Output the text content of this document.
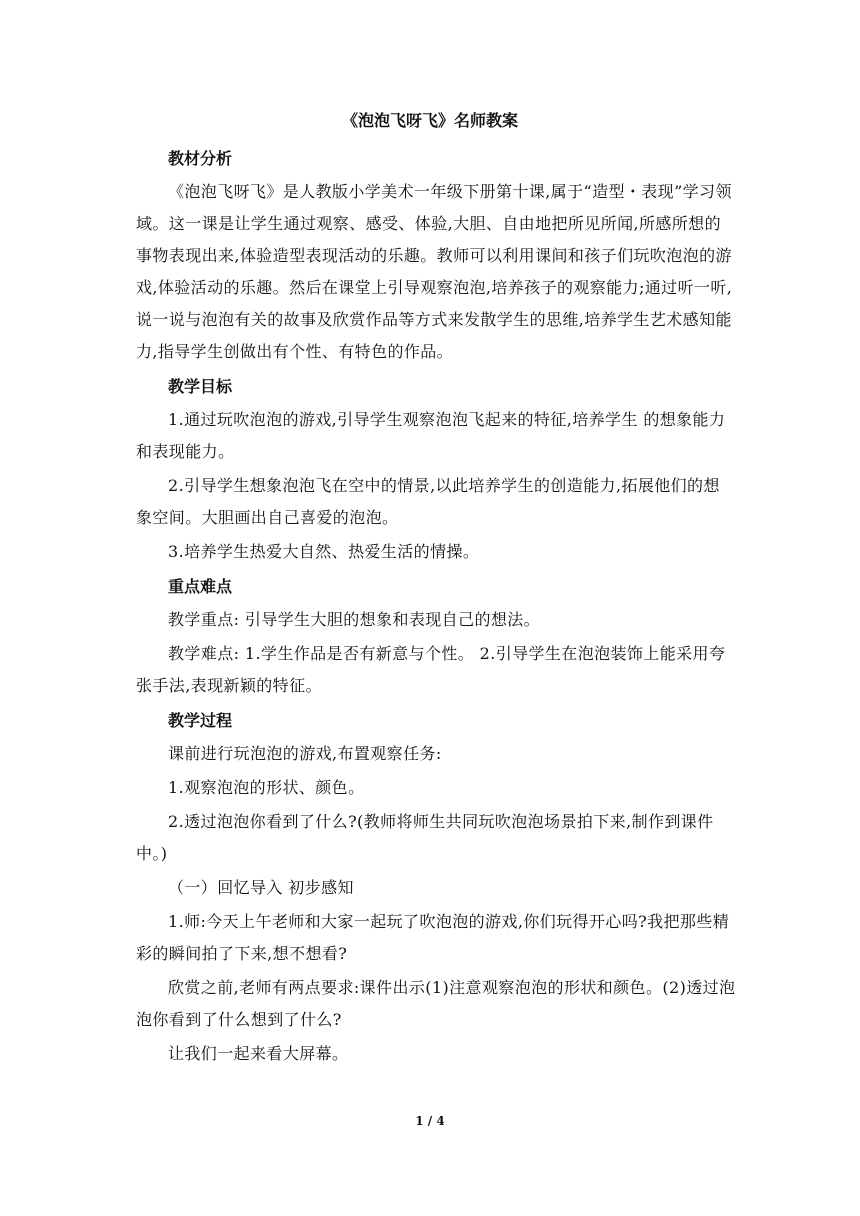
《泡泡飞呀飞》名师教案

教材分析

《泡泡飞呀飞》是人教版小学美术一年级下册第十课,属于“造型・表现”学习领域。这一课是让学生通过观察、感受、体验,大胆、自由地把所见所闻,所感所想的事物表现出来,体验造型表现活动的乐趣。教师可以利用课间和孩子们玩吹泡泡的游戏,体验活动的乐趣。然后在课堂上引导观察泡泡,培养孩子的观察能力;通过听一听,说一说与泡泡有关的故事及欣赏作品等方式来发散学生的思维,培养学生艺术感知能力,指导学生创做出有个性、有特色的作品。

教学目标

1.通过玩吹泡泡的游戏,引导学生观察泡泡飞起来的特征,培养学生 的想象能力和表现能力。

2.引导学生想象泡泡飞在空中的情景,以此培养学生的创造能力,拓展他们的想象空间。大胆画出自己喜爱的泡泡。

3.培养学生热爱大自然、热爱生活的情操。

重点难点

教学重点: 引导学生大胆的想象和表现自己的想法。

教学难点: 1.学生作品是否有新意与个性。 2.引导学生在泡泡装饰上能采用夸张手法,表现新颖的特征。

教学过程

课前进行玩泡泡的游戏,布置观察任务:

1.观察泡泡的形状、颜色。

2.透过泡泡你看到了什么?(教师将师生共同玩吹泡泡场景拍下来,制作到课件中。)

（一）回忆导入 初步感知

1.师:今天上午老师和大家一起玩了吹泡泡的游戏,你们玩得开心吗?我把那些精彩的瞬间拍了下来,想不想看?

欣赏之前,老师有两点要求:课件出示(1)注意观察泡泡的形状和颜色。(2)透过泡泡你看到了什么想到了什么?

让我们一起来看大屏幕。

1 / 4
